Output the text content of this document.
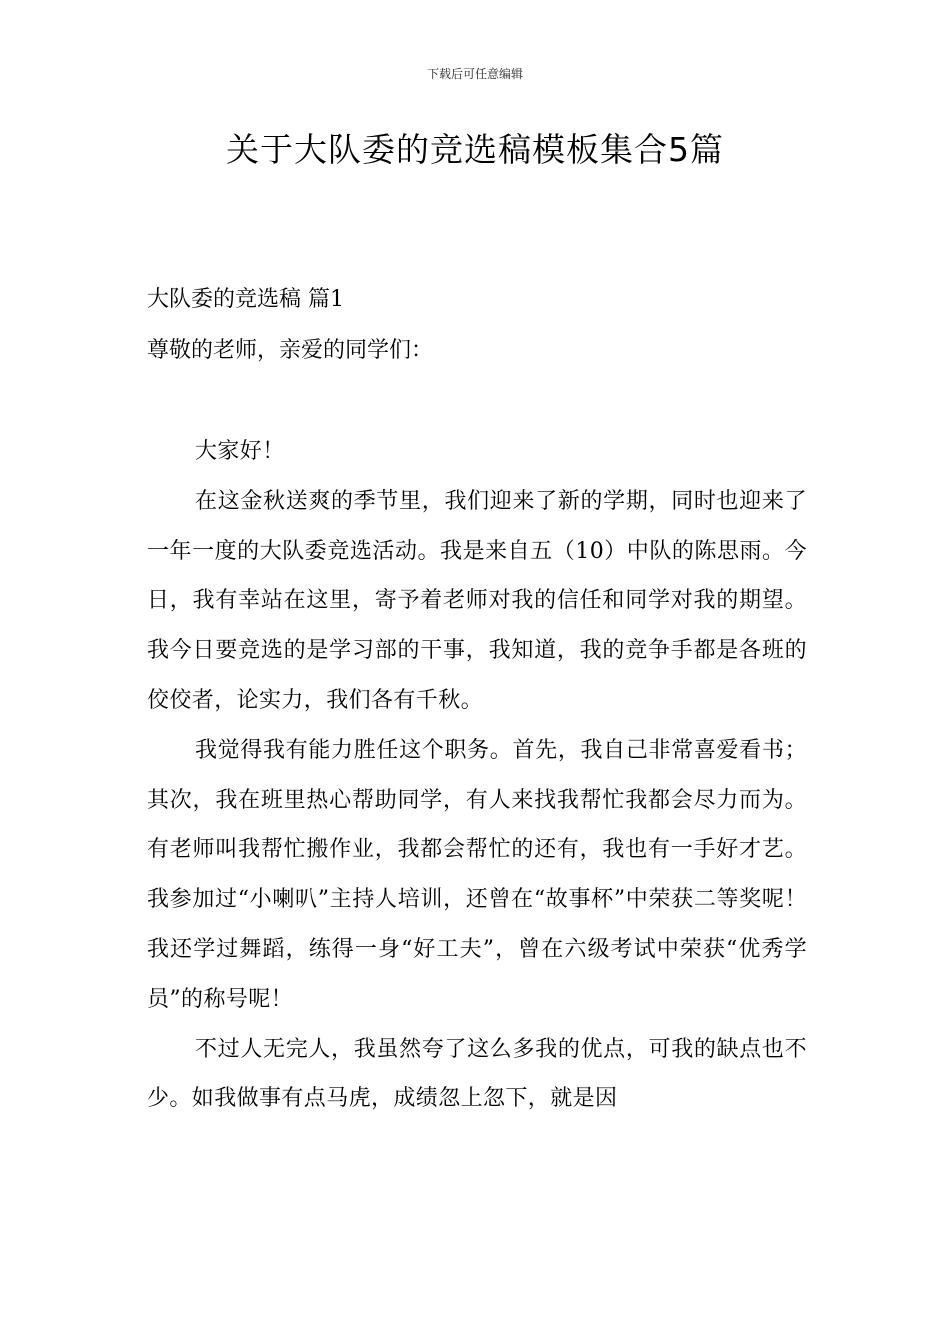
下载后可任意编辑
关于大队委的竞选稿模板集合5篇
大队委的竞选稿 篇1

尊敬的老师，亲爱的同学们：

大家好！

在这金秋送爽的季节里，我们迎来了新的学期，同时也迎来了一年一度的大队委竞选活动。我是来自五（10）中队的陈思雨。今日，我有幸站在这里，寄予着老师对我的信任和同学对我的期望。我今日要竞选的是学习部的干事，我知道，我的竞争手都是各班的佼佼者，论实力，我们各有千秋。

我觉得我有能力胜任这个职务。首先，我自己非常喜爱看书；其次，我在班里热心帮助同学，有人来找我帮忙我都会尽力而为。有老师叫我帮忙搬作业，我都会帮忙的还有，我也有一手好才艺。我参加过“小喇叭”主持人培训，还曾在“故事杯”中荣获二等奖呢！我还学过舞蹈，练得一身“好工夫”，曾在六级考试中荣获“优秀学员”的称号呢！

不过人无完人，我虽然夸了这么多我的优点，可我的缺点也不少。如我做事有点马虎，成绩忽上忽下，就是因
